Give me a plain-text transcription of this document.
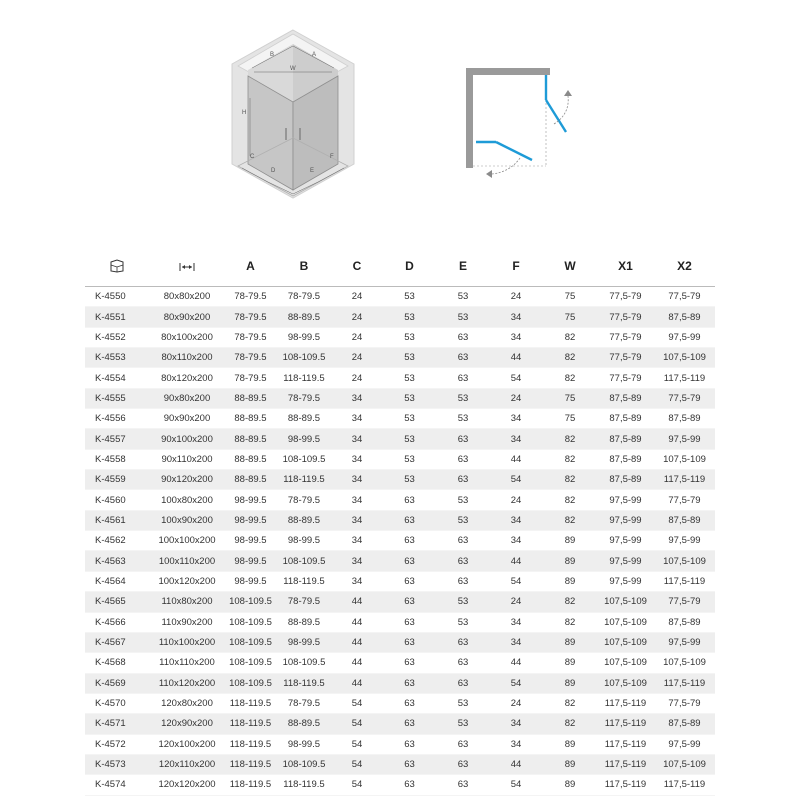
B	A
W
H
C
D	E
F
		A	B	C	D	E	F	W	X1	X2
K-4550	80x80x200	78-79.5	78-79.5	24	53	53	24	75	77,5-79	77,5-79
K-4551	80x90x200	78-79.5	88-89.5	24	53	53	34	75	77,5-79	87,5-89
K-4552	80x100x200	78-79.5	98-99.5	24	53	63	34	82	77,5-79	97,5-99
K-4553	80x110x200	78-79.5	108-109.5	24	53	63	44	82	77,5-79	107,5-109
K-4554	80x120x200	78-79.5	118-119.5	24	53	63	54	82	77,5-79	117,5-119
K-4555	90x80x200	88-89.5	78-79.5	34	53	53	24	75	87,5-89	77,5-79
K-4556	90x90x200	88-89.5	88-89.5	34	53	53	34	75	87,5-89	87,5-89
K-4557	90x100x200	88-89.5	98-99.5	34	53	63	34	82	87,5-89	97,5-99
K-4558	90x110x200	88-89.5	108-109.5	34	53	63	44	82	87,5-89	107,5-109
K-4559	90x120x200	88-89.5	118-119.5	34	53	63	54	82	87,5-89	117,5-119
K-4560	100x80x200	98-99.5	78-79.5	34	63	53	24	82	97,5-99	77,5-79
K-4561	100x90x200	98-99.5	88-89.5	34	63	53	34	82	97,5-99	87,5-89
K-4562	100x100x200	98-99.5	98-99.5	34	63	63	34	89	97,5-99	97,5-99
K-4563	100x110x200	98-99.5	108-109.5	34	63	63	44	89	97,5-99	107,5-109
K-4564	100x120x200	98-99.5	118-119.5	34	63	63	54	89	97,5-99	117,5-119
K-4565	110x80x200	108-109.5	78-79.5	44	63	53	24	82	107,5-109	77,5-79
K-4566	110x90x200	108-109.5	88-89.5	44	63	53	34	82	107,5-109	87,5-89
K-4567	110x100x200	108-109.5	98-99.5	44	63	63	34	89	107,5-109	97,5-99
K-4568	110x110x200	108-109.5	108-109.5	44	63	63	44	89	107,5-109	107,5-109
K-4569	110x120x200	108-109.5	118-119.5	44	63	63	54	89	107,5-109	117,5-119
K-4570	120x80x200	118-119.5	78-79.5	54	63	53	24	82	117,5-119	77,5-79
K-4571	120x90x200	118-119.5	88-89.5	54	63	53	34	82	117,5-119	87,5-89
K-4572	120x100x200	118-119.5	98-99.5	54	63	63	34	89	117,5-119	97,5-99
K-4573	120x110x200	118-119.5	108-109.5	54	63	63	44	89	117,5-119	107,5-109
K-4574	120x120x200	118-119.5	118-119.5	54	63	63	54	89	117,5-119	117,5-119
